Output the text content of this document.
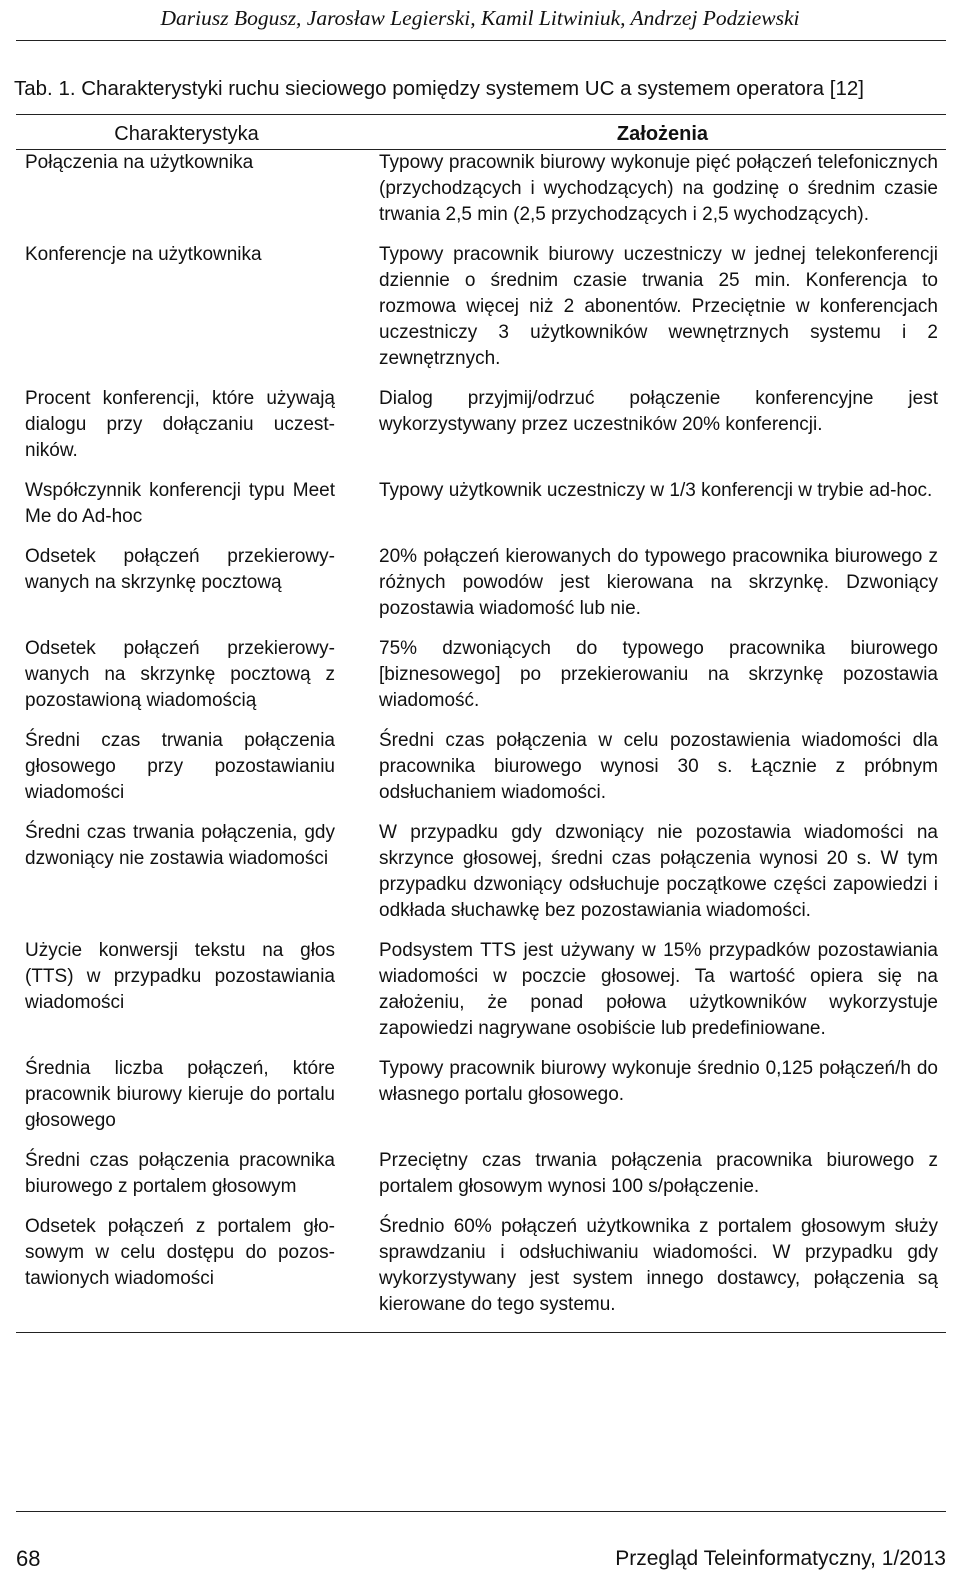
Dariusz Bogusz, Jarosław Legierski, Kamil Litwiniuk, Andrzej Podziewski
Tab. 1. Charakterystyki ruchu sieciowego pomiędzy systemem UC a systemem operatora [12]
Charakterystyka	Założenia
Połączenia na użytkownika	Typowy pracownik biurowy wykonuje pięć połączeń telefonicznych (przychodzących i wychodzących) na godzinę o średnim czasie trwania 2,5 min (2,5 przychodzących i 2,5 wychodzących).
Konferencje na użytkownika	Typowy pracownik biurowy uczestniczy w jednej telekonferencji dziennie o średnim czasie trwania 25 min. Konferencja to rozmowa więcej niż 2 abonentów. Przeciętnie w konferencjach uczestniczy 3 użytkowników wewnętrznych systemu i 2 zewnętrznych.
Procent konferencji, które używają dialogu przy dołączaniu uczestników.	Dialog przyjmij/odrzuć połączenie konferencyjne jest wykorzystywany przez uczestników 20% konferencji.
Współczynnik konferencji typu Meet Me do Ad-hoc	Typowy użytkownik uczestniczy w 1/3 konferencji w trybie ad-hoc.
Odsetek połączeń przekierowywanych na skrzynkę pocztową	20% połączeń kierowanych do typowego pracownika biurowego z różnych powodów jest kierowana na skrzynkę. Dzwoniący pozostawia wiadomość lub nie.
Odsetek połączeń przekierowywanych na skrzynkę pocztową z pozostawioną wiadomością	75% dzwoniących do typowego pracownika biurowego [biznesowego] po przekierowaniu na skrzynkę pozostawia wiadomość.
Średni czas trwania połączenia głosowego przy pozostawianiu wiadomości	Średni czas połączenia w celu pozostawienia wiadomości dla pracownika biurowego wynosi 30 s. Łącznie z próbnym odsłuchaniem wiadomości.
Średni czas trwania połączenia, gdy dzwoniący nie zostawia wiadomości	W przypadku gdy dzwoniący nie pozostawia wiadomości na skrzynce głosowej, średni czas połączenia wynosi 20 s. W tym przypadku dzwoniący odsłuchuje początkowe części zapowiedzi i odkłada słuchawkę bez pozostawiania wiadomości.
Użycie konwersji tekstu na głos (TTS) w przypadku pozostawiania wiadomości	Podsystem TTS jest używany w 15% przypadków pozostawiania wiadomości w poczcie głosowej. Ta wartość opiera się na założeniu, że ponad połowa użytkowników wykorzystuje zapowiedzi nagrywane osobiście lub predefiniowane.
Średnia liczba połączeń, które pracownik biurowy kieruje do portalu głosowego	Typowy pracownik biurowy wykonuje średnio 0,125 połączeń/h do własnego portalu głosowego.
Średni czas połączenia pracownika biurowego z portalem głosowym	Przeciętny czas trwania połączenia pracownika biurowego z portalem głosowym wynosi 100 s/połączenie.
Odsetek połączeń z portalem głosowym w celu dostępu do pozostawionych wiadomości	Średnio 60% połączeń użytkownika z portalem głosowym służy sprawdzaniu i odsłuchiwaniu wiadomości. W przypadku gdy wykorzystywany jest system innego dostawcy, połączenia są kierowane do tego systemu.
68	Przegląd Teleinformatyczny, 1/2013
